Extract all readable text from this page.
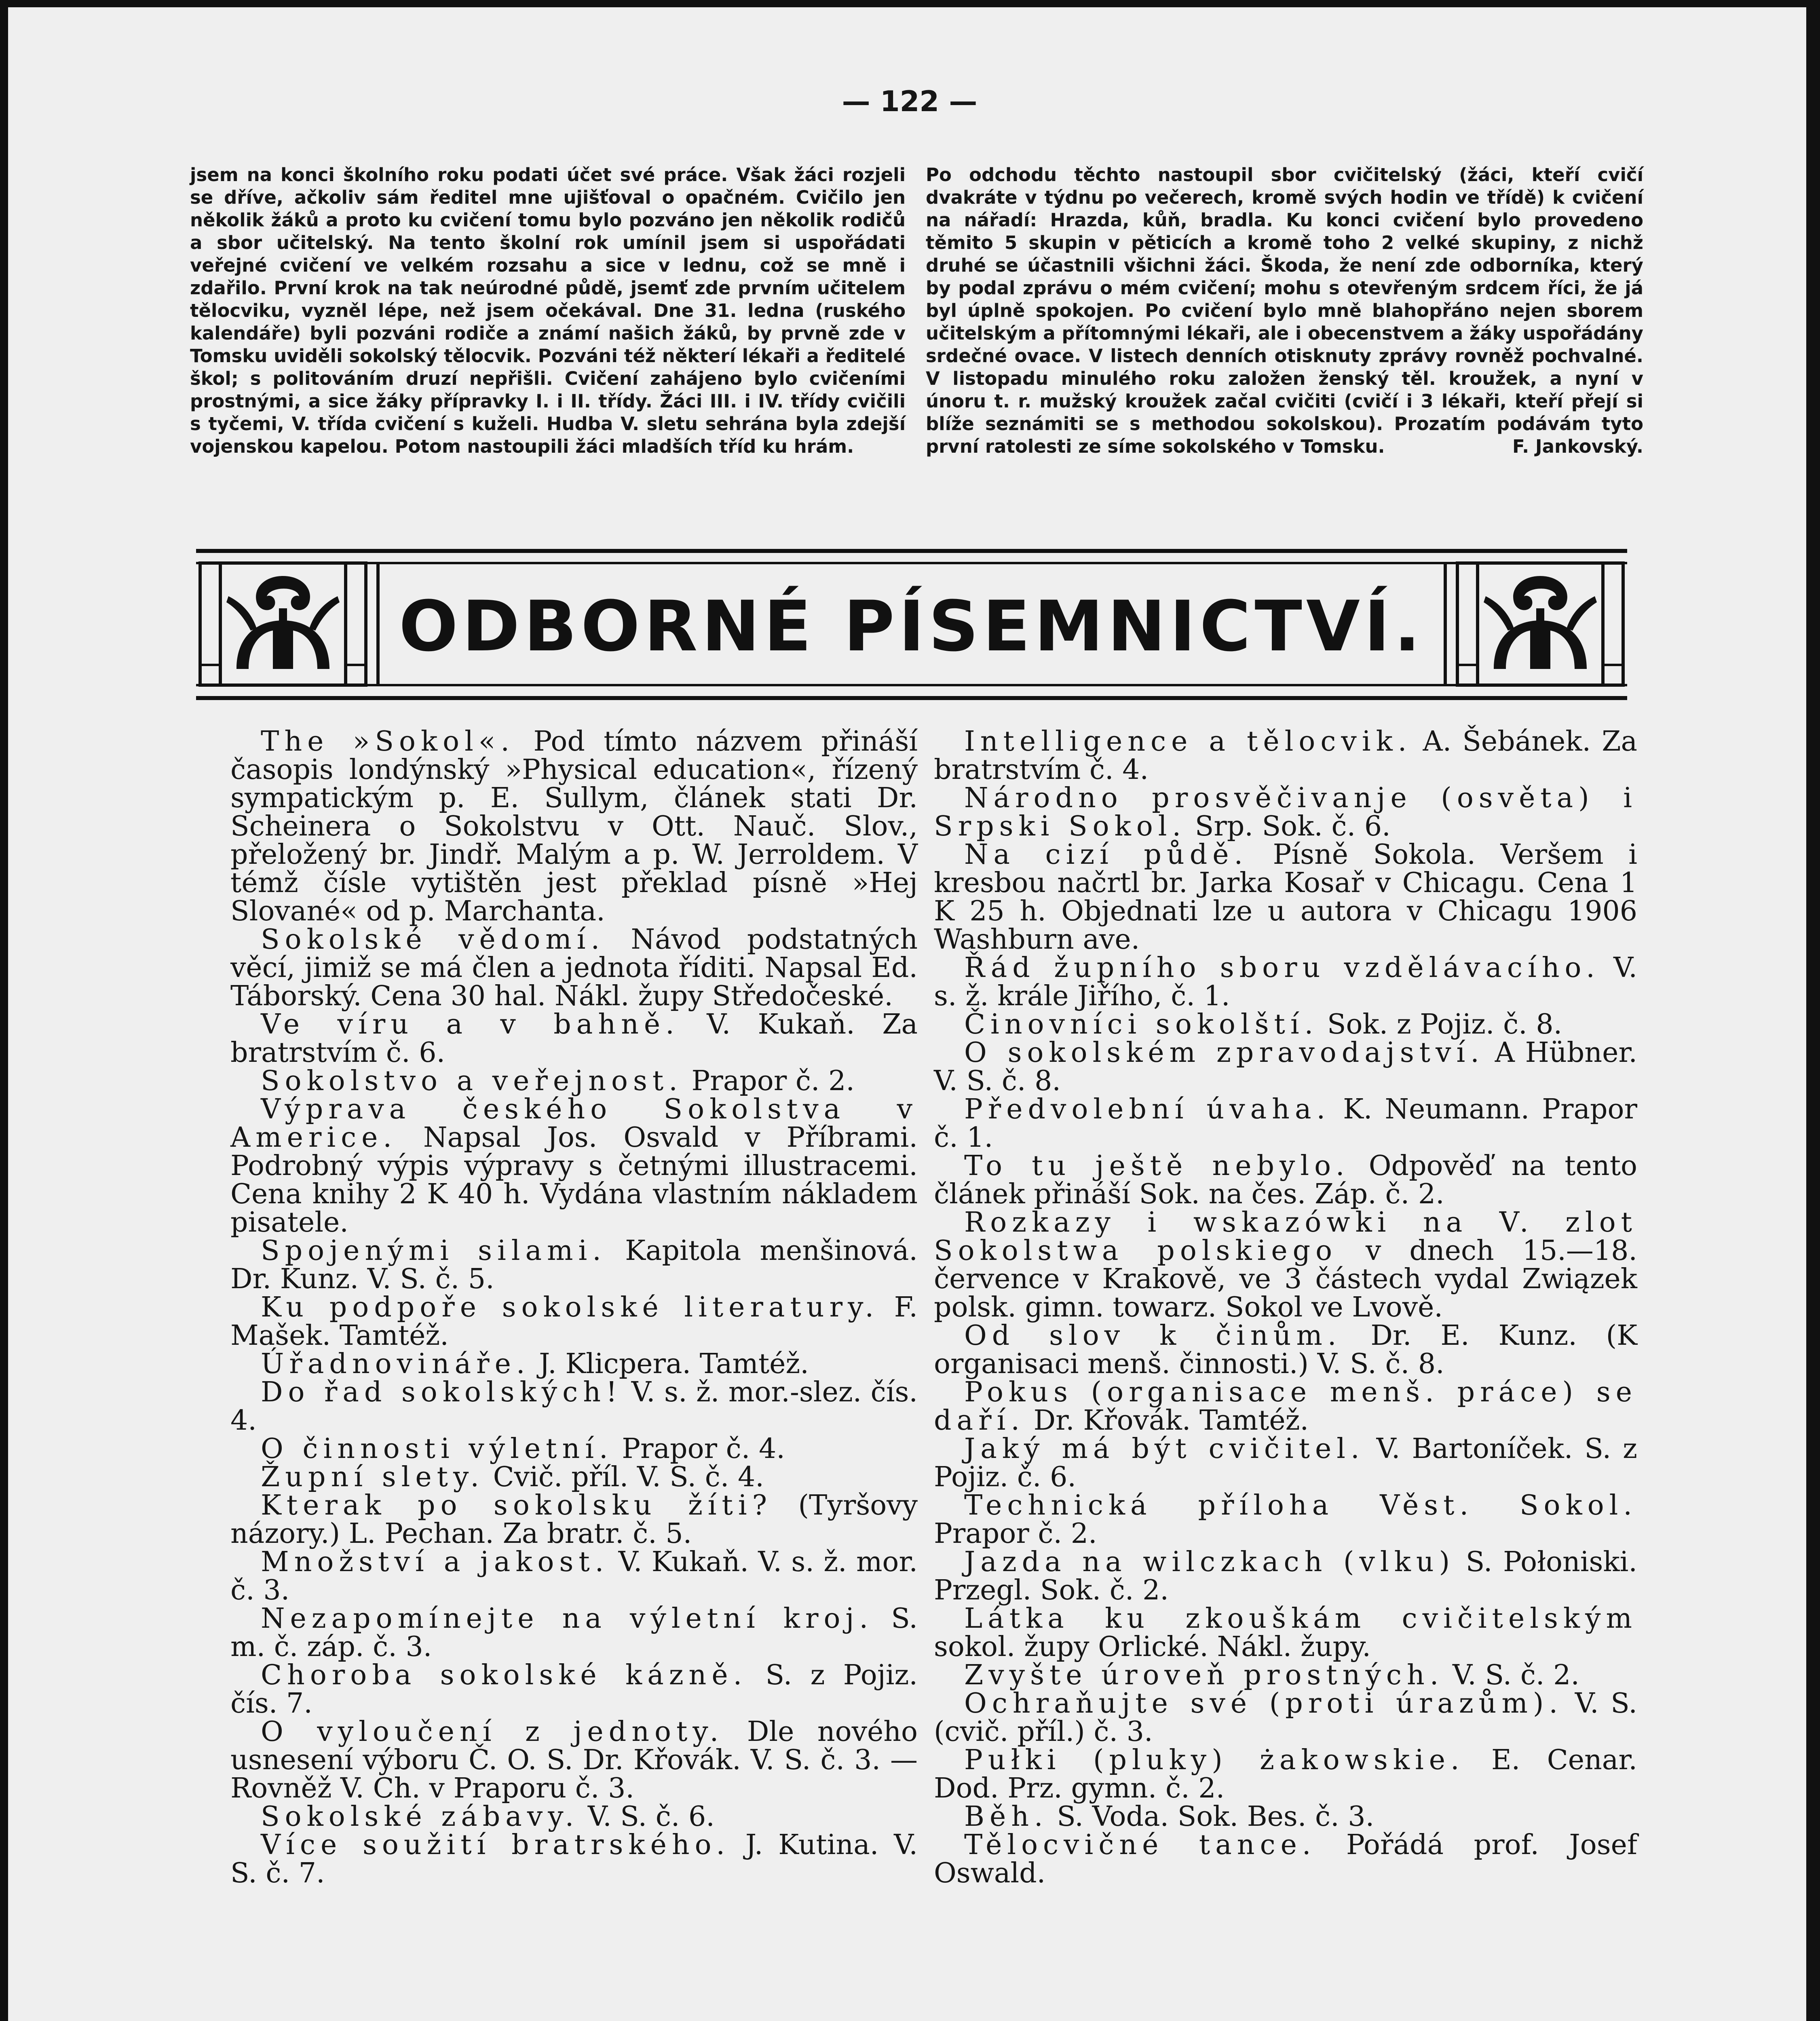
— 122 —

jsem na konci školního roku podati účet své práce. Však žáci rozjeli se dříve, ačkoliv sám ředitel mne ujišťoval o opačném. Cvičilo jen několik žáků a proto ku cvičení tomu bylo pozváno jen několik rodičů a sbor učitelský. Na tento školní rok umínil jsem si uspořádati veřejné cvičení ve velkém rozsahu a sice v lednu, což se mně i zdařilo. První krok na tak neúrodné půdě, jsemť zde prvním učitelem tělocviku, vyzněl lépe, než jsem očekával. Dne 31. ledna (ruského kalendáře) byli pozváni rodiče a známí našich žáků, by prvně zde v Tomsku uviděli sokolský tělocvik. Pozváni též některí lékaři a ředitelé škol; s politováním druzí nepřišli. Cvičení zahájeno bylo cvičeními prostnými, a sice žáky přípravky I. i II. třídy. Žáci III. i IV. třídy cvičili s tyčemi, V. třída cvičení s kuželi. Hudba V. sletu sehrána byla zdejší vojenskou kapelou. Potom nastoupili žáci mladších tříd ku hrám.

Po odchodu těchto nastoupil sbor cvičitelský (žáci, kteří cvičí dvakráte v týdnu po večerech, kromě svých hodin ve třídě) k cvičení na nářadí: Hrazda, kůň, bradla. Ku konci cvičení bylo provedeno těmito 5 skupin v pěticích a kromě toho 2 velké skupiny, z nichž druhé se účastnili všichni žáci. Škoda, že není zde odborníka, který by podal zprávu o mém cvičení; mohu s otevřeným srdcem říci, že já byl úplně spokojen. Po cvičení bylo mně blahopřáno nejen sborem učitelským a přítomnými lékaři, ale i obecenstvem a žáky uspořádány srdečné ovace. V listech denních otisknuty zprávy rovněž pochvalné. V listopadu minulého roku založen ženský těl. kroužek, a nyní v únoru t. r. mužský kroužek začal cvičiti (cvičí i 3 lékaři, kteří přejí si blíže seznámiti se s methodou sokolskou). Prozatím podávám tyto první ratolesti ze síme sokolského v Tomsku.	F. Jankovský.

ODBORNÉ PÍSEMNICTVÍ.

The »Sokol«. Pod tímto názvem přináší časopis londýnský »Physical education«, řízený sympatickým p. E. Sullym, článek stati Dr. Scheinera o Sokolstvu v Ott. Nauč. Slov., přeložený br. Jindř. Malým a p. W. Jerroldem. V témž čísle vytištěn jest překlad písně »Hej Slované« od p. Marchanta.

Sokolské vědomí. Návod podstatných věcí, jimiž se má člen a jednota říditi. Napsal Ed. Táborský. Cena 30 hal. Nákl. župy Středočeské.

Ve víru a v bahně. V. Kukaň. Za bratrstvím č. 6.

Sokolstvo a veřejnost. Prapor č. 2.

Výprava českého Sokolstva v Americe. Napsal Jos. Osvald v Příbrami. Podrobný výpis výpravy s četnými illustracemi. Cena knihy 2 K 40 h. Vydána vlastním nákladem pisatele.

Spojenými silami. Kapitola menšinová. Dr. Kunz. V. S. č. 5.

Ku podpoře sokolské literatury. F. Mašek. Tamtéž.

Úřadnovináře. J. Klicpera. Tamtéž.

Do řad sokolských! V. s. ž. mor.-slez. čís. 4.

O činnosti výletní. Prapor č. 4.

Župní slety. Cvič. příl. V. S. č. 4.

Kterak po sokolsku žíti? (Tyršovy názory.) L. Pechan. Za bratr. č. 5.

Množství a jakost. V. Kukaň. V. s. ž. mor. č. 3.

Nezapomínejte na výletní kroj. S. m. č. záp. č. 3.

Choroba sokolské kázně. S. z Pojiz. čís. 7.

O vyloučení z jednoty. Dle nového usnesení výboru Č. O. S. Dr. Křovák. V. S. č. 3. — Rovněž V. Ch. v Praporu č. 3.

Sokolské zábavy. V. S. č. 6.

Více soužití bratrského. J. Kutina. V. S. č. 7.

Intelligence a tělocvik. A. Šebánek. Za bratrstvím č. 4.

Národno prosvěčivanje (osvěta) i Srpski Sokol. Srp. Sok. č. 6.

Na cizí půdě. Písně Sokola. Veršem i kresbou načrtl br. Jarka Kosař v Chicagu. Cena 1 K 25 h. Objednati lze u autora v Chicagu 1906 Washburn ave.

Řád župního sboru vzdělávacího. V. s. ž. krále Jiřího, č. 1.

Činovníci sokolští. Sok. z Pojiz. č. 8.

O sokolském zpravodajství. A Hübner. V. S. č. 8.

Předvolební úvaha. K. Neumann. Prapor č. 1.

To tu ještě nebylo. Odpověď na tento článek přináší Sok. na čes. Záp. č. 2.

Rozkazy i wskazówki na V. zlot Sokolstwa polskiego v dnech 15.—18. července v Krakově, ve 3 částech vydal Związek polsk. gimn. towarz. Sokol ve Lvově.

Od slov k činům. Dr. E. Kunz. (K organisaci menš. činnosti.) V. S. č. 8.

Pokus (organisace menš. práce) se daří. Dr. Křovák. Tamtéž.

Jaký má být cvičitel. V. Bartoníček. S. z Pojiz. č. 6.

Technická příloha Věst. Sokol. Prapor č. 2.

Jazda na wilczkach (vlku) S. Połoniski. Przegl. Sok. č. 2.

Látka ku zkouškám cvičitelským sokol. župy Orlické. Nákl. župy.

Zvyšte úroveň prostných. V. S. č. 2.

Ochraňujte své (proti úrazům). V. S. (cvič. příl.) č. 3.

Pułki (pluky) żakowskie. E. Cenar. Dod. Prz. gymn. č. 2.

Běh. S. Voda. Sok. Bes. č. 3.

Tělocvičné tance. Pořádá prof. Josef Oswald.
